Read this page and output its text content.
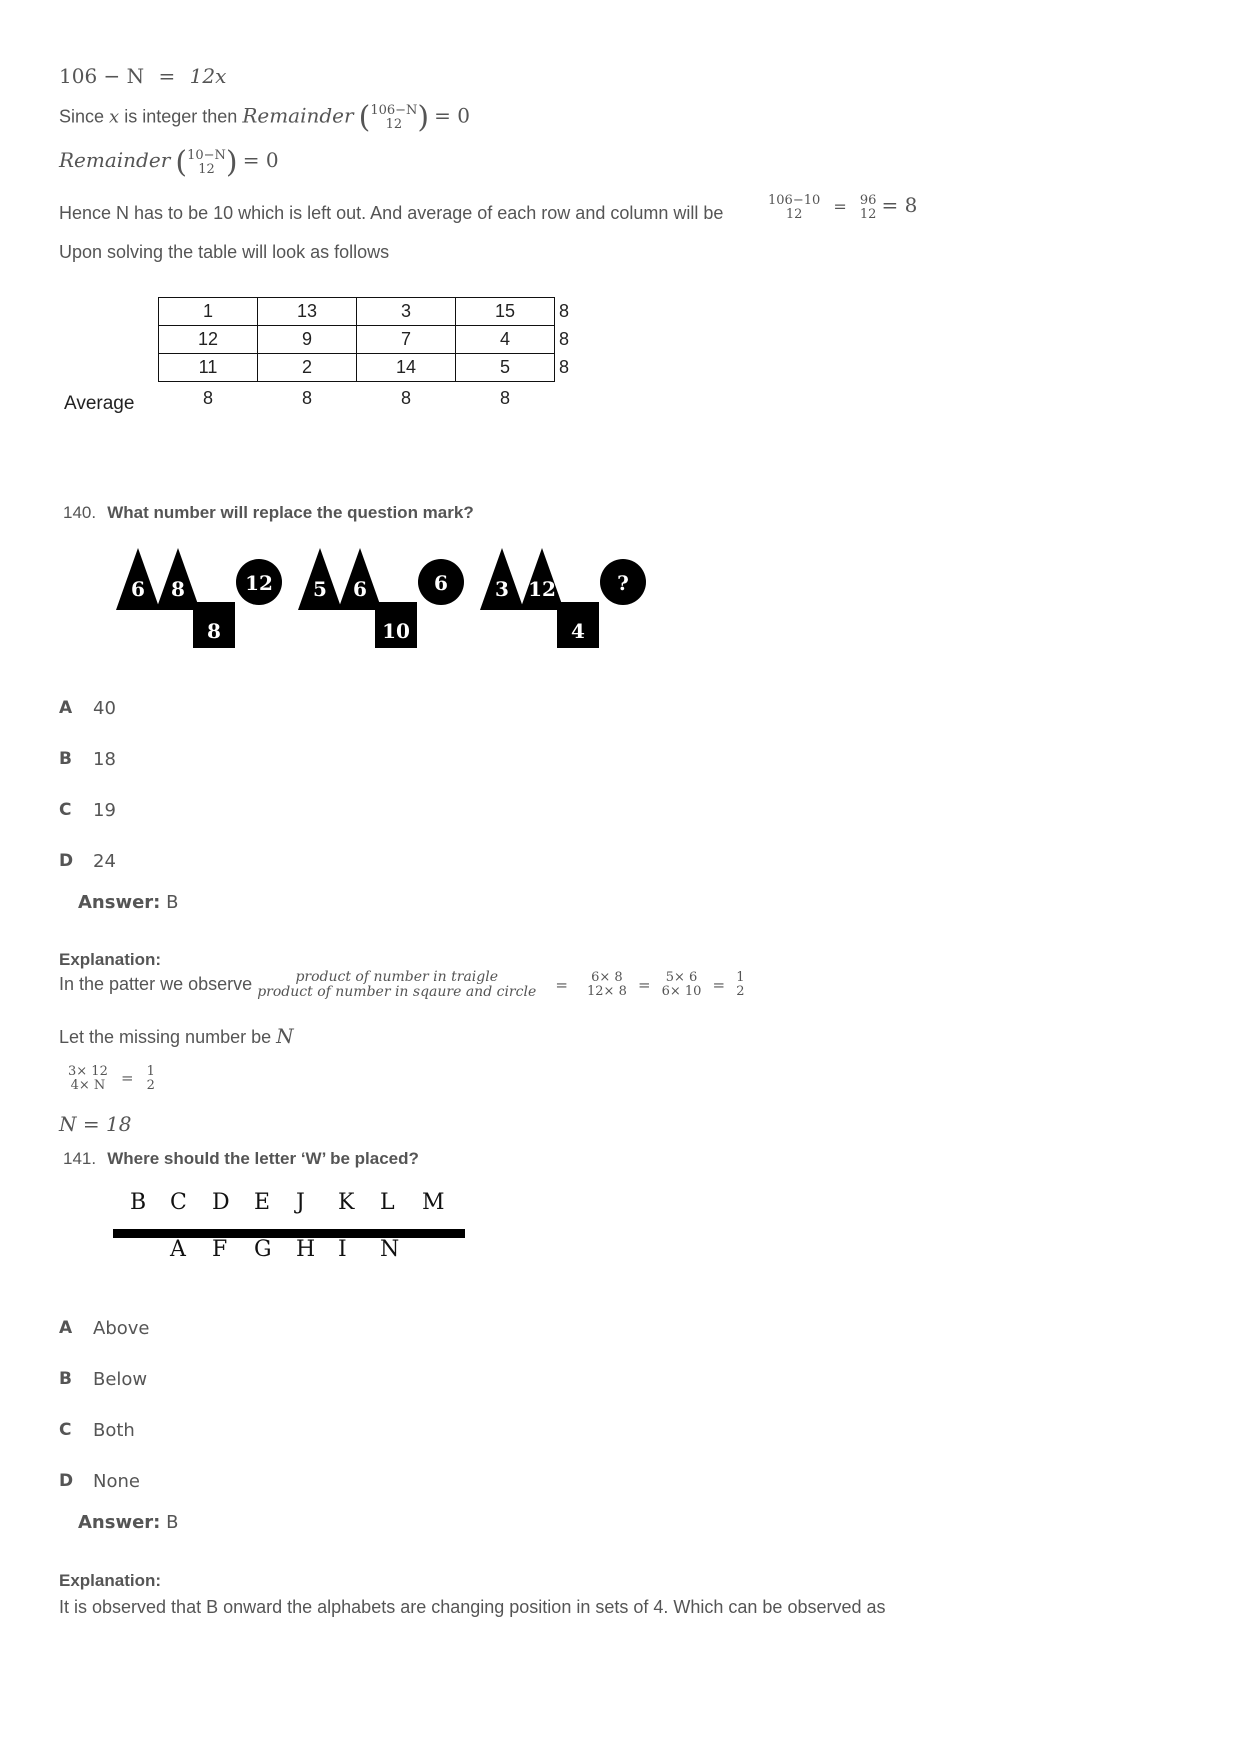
106 − N = 12x
Since x is integer then Remainder ( 106−N
12 ) = 0
Remainder ( 10−N
12 ) = 0
Hence N has to be 10 which is left out. And average of each row and column will be
106−10
12 = 96
12 = 8
Upon solving the table will look as follows
1	13	3	15	8
12	9	7	4	8
11	2	14	5	8
8	8	8	8	
Average
140. What number will replace the question mark?
6 8	12
8
5 6	6
10
3 12	?
4
A	40
B	18
C	19
D	24
Answer: B
Explanation:
In the patter we observe	product of number in traigle
product of number in sqaure and circle = 6× 8
12× 8 = 5× 6
6× 10 = 1
2
Let the missing number be N
3× 12
4× N = 1
2
N = 18
141. Where should the letter ‘W’ be placed?
B C D E J K L M
A F G H I N
A	Above
B	Below
C	Both
D	None
Answer: B
Explanation:
It is observed that B onward the alphabets are changing position in sets of 4. Which can be observed as
